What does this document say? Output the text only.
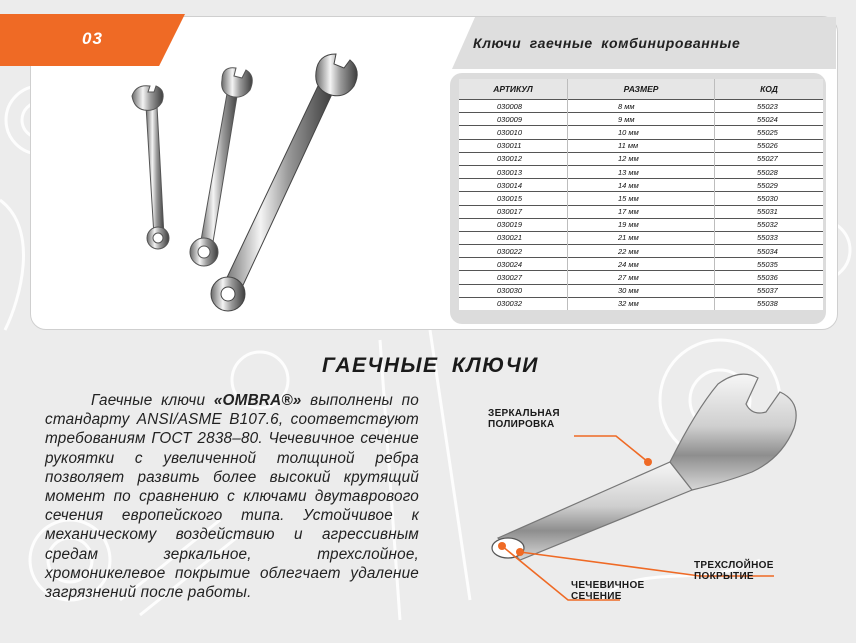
03	Ключи гаечные комбинированные
АРТИКУЛ	РАЗМЕР	КОД
030008	8 мм	55023
030009	9 мм	55024
030010	10 мм	55025
030011	11 мм	55026
030012	12 мм	55027
030013	13 мм	55028
030014	14 мм	55029
030015	15 мм	55030
030017	17 мм	55031
030019	19 мм	55032
030021	21 мм	55033
030022	22 мм	55034
030024	24 мм	55035
030027	27 мм	55036
030030	30 мм	55037
030032	32 мм	55038
ГАЕЧНЫЕ КЛЮЧИ
Гаечные ключи «OMBRA®» выполнены по стандарту ANSI/ASME B107.6, соответствуют требованиям ГОСТ 2838–80. Чечевичное сечение рукоятки с увеличенной толщиной ребра позволяет развить более высокий крутящий момент по сравнению с ключами двутаврового сечения европейского типа. Устойчивое к механическому воздействию и агрессивным средам зеркальное, трехслойное, хромоникелевое покрытие облегчает удаление загрязнений после работы.
ЗЕРКАЛЬНАЯ ПОЛИРОВКА
ТРЕХСЛОЙНОЕ ПОКРЫТИЕ
ЧЕЧЕВИЧНОЕ СЕЧЕНИЕ
